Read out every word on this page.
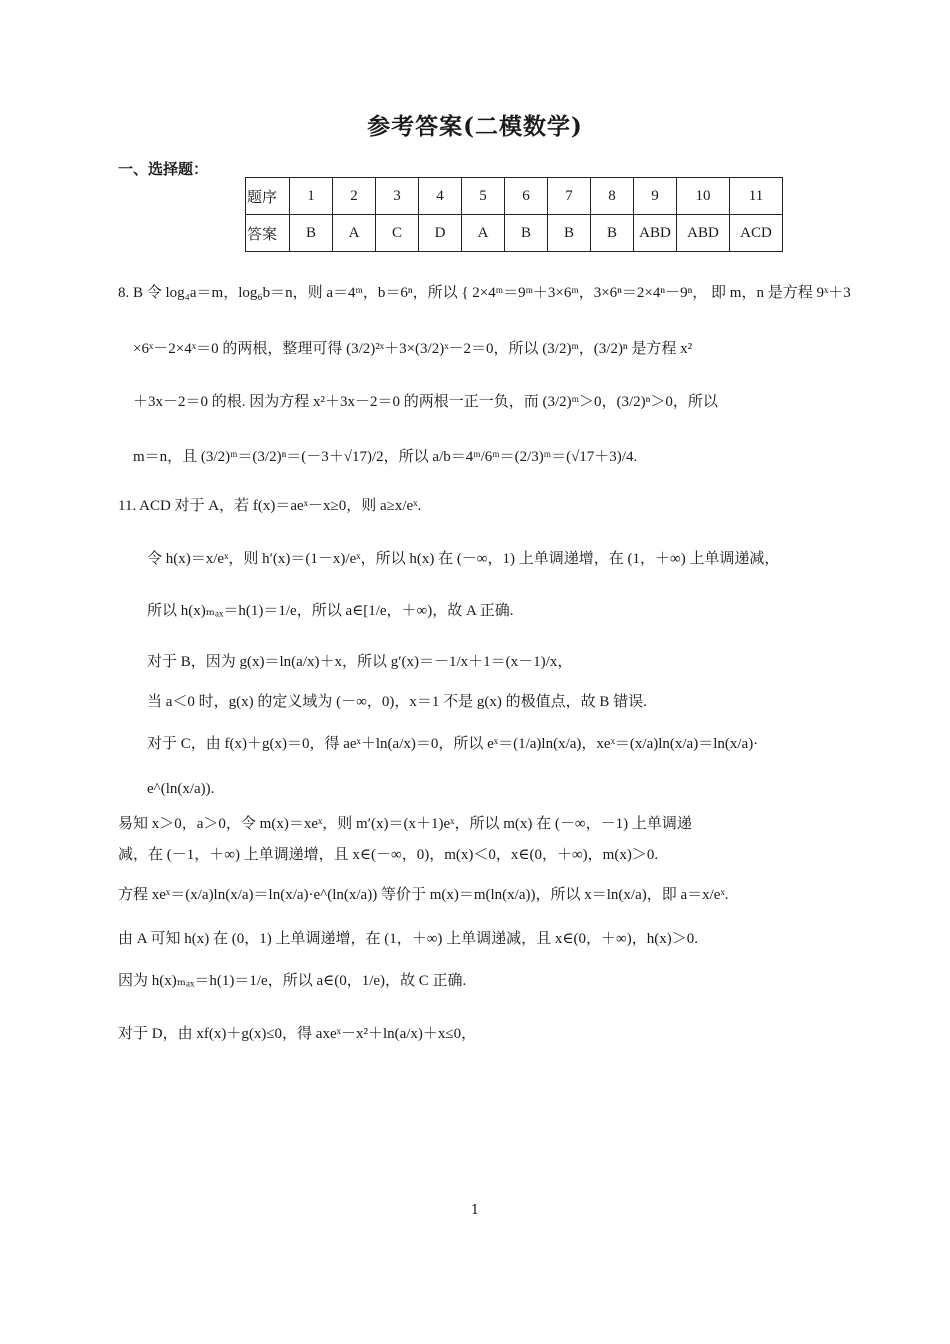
参考答案(二模数学)
一、选择题：
题序	1	2	3	4	5	6	7	8	9	10	11
答案	B	A	C	D	A	B	B	B	ABD	ABD	ACD
8. B 令 log₄a＝m，log₆b＝n，则 a＝4ᵐ，b＝6ⁿ，所以 { 2×4ᵐ＝9ᵐ＋3×6ᵐ，3×6ⁿ＝2×4ⁿ－9ⁿ， 即 m，n 是方程 9ˣ＋3
×6ˣ－2×4ˣ＝0 的两根，整理可得 (3/2)²ˣ＋3×(3/2)ˣ－2＝0，所以 (3/2)ᵐ，(3/2)ⁿ 是方程 x²
＋3x－2＝0 的根. 因为方程 x²＋3x－2＝0 的两根一正一负，而 (3/2)ᵐ＞0，(3/2)ⁿ＞0，所以
m＝n，且 (3/2)ᵐ＝(3/2)ⁿ＝(－3＋√17)/2，所以 a/b＝4ᵐ/6ᵐ＝(2/3)ᵐ＝(√17＋3)/4.
11. ACD 对于 A，若 f(x)＝aeˣ－x≥0，则 a≥x/eˣ.
令 h(x)＝x/eˣ，则 h′(x)＝(1－x)/eˣ，所以 h(x) 在 (－∞，1) 上单调递增，在 (1，＋∞) 上单调递减，
所以 h(x)ₘₐₓ＝h(1)＝1/e，所以 a∈[1/e，＋∞)，故 A 正确.
对于 B，因为 g(x)＝ln(a/x)＋x，所以 g′(x)＝－1/x＋1＝(x－1)/x，
当 a＜0 时，g(x) 的定义域为 (－∞，0)，x＝1 不是 g(x) 的极值点，故 B 错误.
对于 C，由 f(x)＋g(x)＝0，得 aeˣ＋ln(a/x)＝0，所以 eˣ＝(1/a)ln(x/a)，xeˣ＝(x/a)ln(x/a)＝ln(x/a)·
e^(ln(x/a)).
易知 x＞0，a＞0，令 m(x)＝xeˣ，则 m′(x)＝(x＋1)eˣ，所以 m(x) 在 (－∞，－1) 上单调递
减，在 (－1，＋∞) 上单调递增，且 x∈(－∞，0)，m(x)＜0，x∈(0，＋∞)，m(x)＞0.
方程 xeˣ＝(x/a)ln(x/a)＝ln(x/a)·e^(ln(x/a)) 等价于 m(x)＝m(ln(x/a))，所以 x＝ln(x/a)，即 a＝x/eˣ.
由 A 可知 h(x) 在 (0，1) 上单调递增，在 (1，＋∞) 上单调递减，且 x∈(0，＋∞)，h(x)＞0.
因为 h(x)ₘₐₓ＝h(1)＝1/e，所以 a∈(0，1/e)，故 C 正确.
对于 D，由 xf(x)＋g(x)≤0，得 axeˣ－x²＋ln(a/x)＋x≤0，
1
